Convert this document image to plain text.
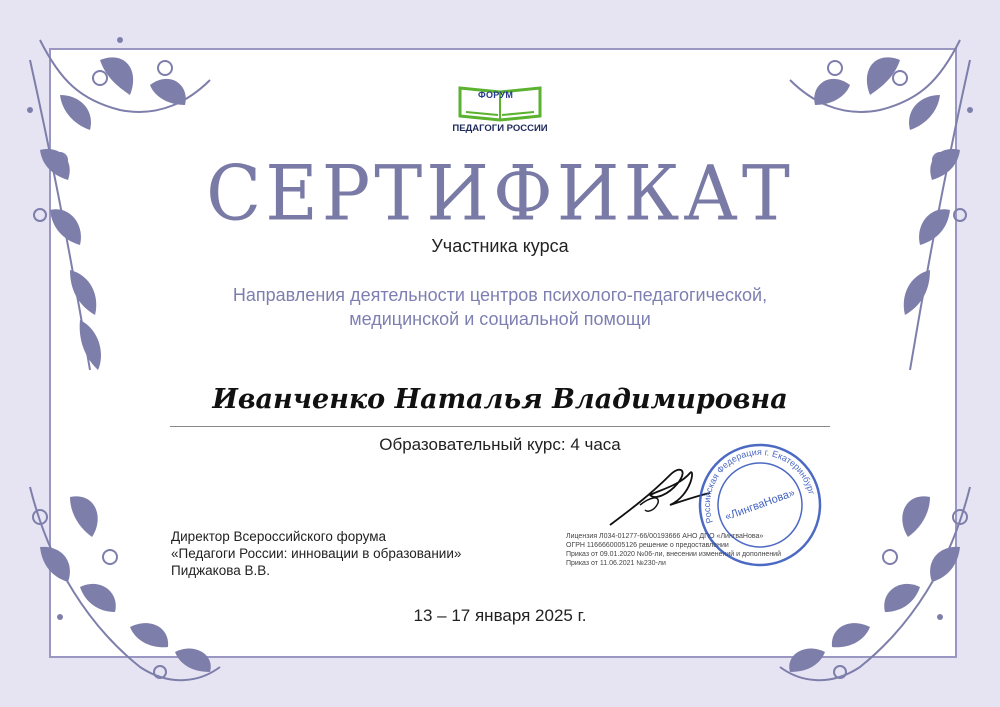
ФОРУМ
ПЕДАГОГИ РОССИИ
СЕРТИФИКАТ
Участника курса
Направления деятельности центров психолого-педагогической,
медицинской и социальной помощи
Иванченко Наталья Владимировна
Образовательный курс: 4 часа
Директор Всероссийского форума
«Педагоги России: инновации в образовании»
Пиджакова В.В.
Лицензия Л034-01277-66/00193666 АНО ДПО «ЛингваНова»
ОГРН 1166660005126 решение о предоставлении
Приказ от 09.01.2020 №06-ли, внесении изменений и дополнений
Приказ от 11.06.2021 №230-ли
Российская Федерация г. Екатеринбург
«ЛингваНова»
13 – 17 января 2025 г.
